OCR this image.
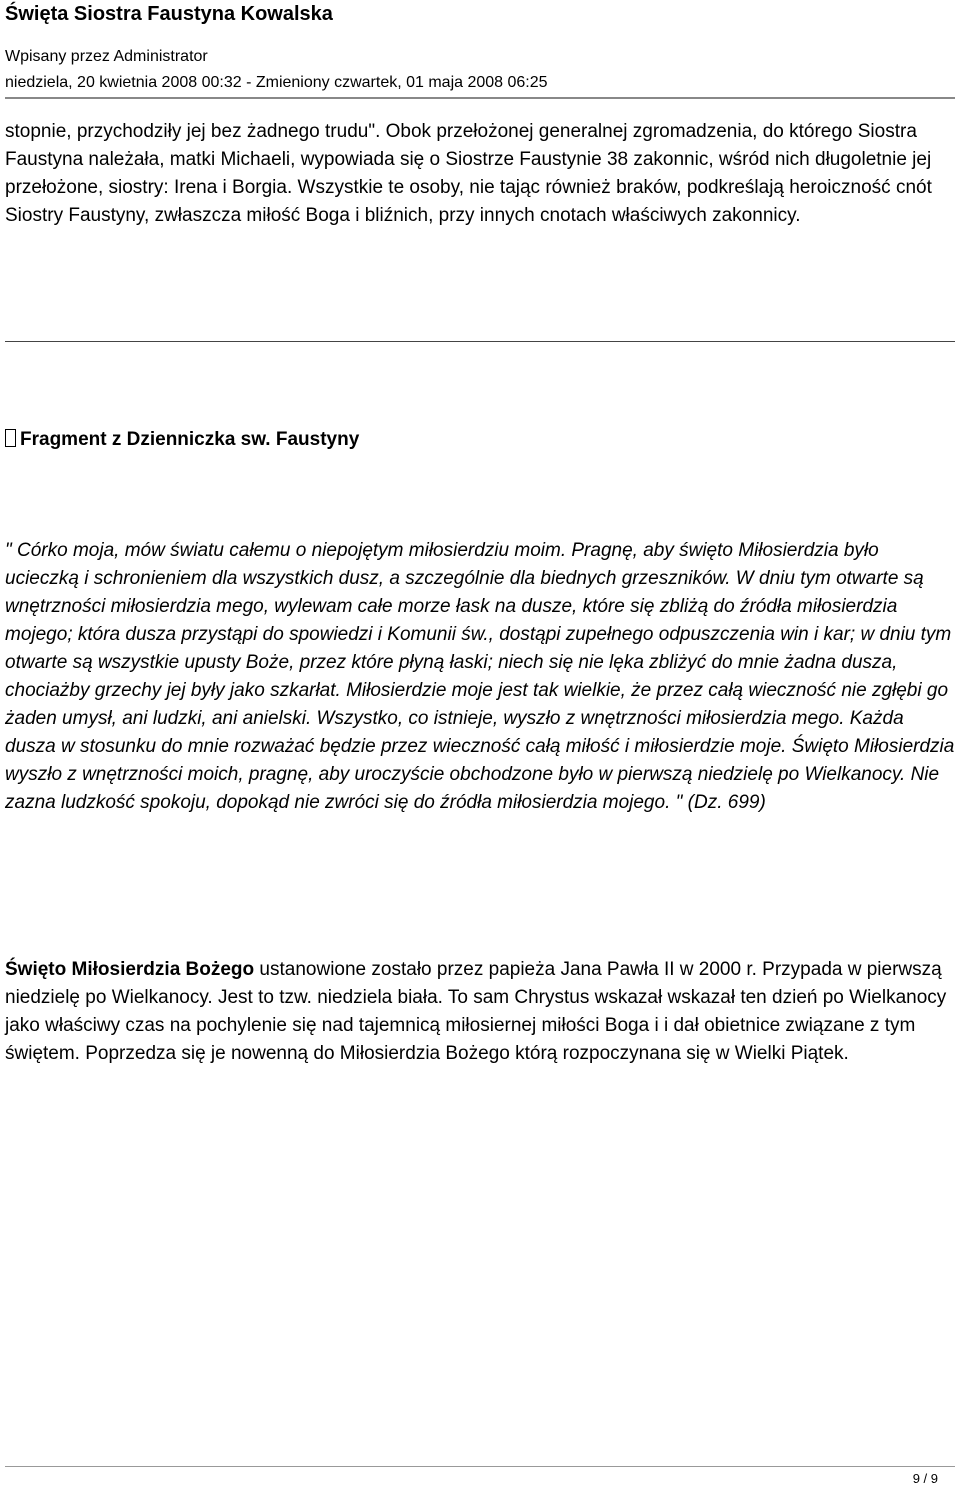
Święta Siostra Faustyna Kowalska
Wpisany przez Administrator
niedziela, 20 kwietnia 2008 00:32 - Zmieniony czwartek, 01 maja 2008 06:25

stopnie, przychodziły jej bez żadnego trudu". Obok przełożonej generalnej zgromadzenia, do którego Siostra Faustyna należała, matki Michaeli, wypowiada się o Siostrze Faustynie 38 zakonnic, wśród nich długoletnie jej przełożone, siostry: Irena i Borgia. Wszystkie te osoby, nie tając również braków, podkreślają heroiczność cnót Siostry Faustyny, zwłaszcza miłość Boga i bliźnich, przy innych cnotach właściwych zakonnicy.

Fragment z Dzienniczka sw. Faustyny

" Córko moja, mów światu całemu o niepojętym miłosierdziu moim. Pragnę, aby święto Miłosierdzia było ucieczką i schronieniem dla wszystkich dusz, a szczególnie dla biednych grzeszników. W dniu tym otwarte są wnętrzności miłosierdzia mego, wylewam całe morze łask na dusze, które się zbliżą do źródła miłosierdzia mojego; która dusza przystąpi do spowiedzi i Komunii św., dostąpi zupełnego odpuszczenia win i kar; w dniu tym otwarte są wszystkie upusty Boże, przez które płyną łaski; niech się nie lęka zbliżyć do mnie żadna dusza, chociażby grzechy jej były jako szkarłat. Miłosierdzie moje jest tak wielkie, że przez całą wieczność nie zgłębi go żaden umysł, ani ludzki, ani anielski. Wszystko, co istnieje, wyszło z wnętrzności miłosierdzia mego. Każda dusza w stosunku do mnie rozważać będzie przez wieczność całą miłość i miłosierdzie moje. Święto Miłosierdzia wyszło z wnętrzności moich, pragnę, aby uroczyście obchodzone było w pierwszą niedzielę po Wielkanocy. Nie zazna ludzkość spokoju, dopokąd nie zwróci się do źródła miłosierdzia mojego. " (Dz. 699)

Święto Miłosierdzia Bożego ustanowione zostało przez papieża Jana Pawła II w 2000 r. Przypada w pierwszą niedzielę po Wielkanocy. Jest to tzw. niedziela biała. To sam Chrystus wskazał wskazał ten dzień po Wielkanocy jako właściwy czas na pochylenie się nad tajemnicą miłosiernej miłości Boga i i dał obietnice związane z tym świętem. Poprzedza się je nowenną do Miłosierdzia Bożego którą rozpoczynana się w Wielki Piątek.

9 / 9
